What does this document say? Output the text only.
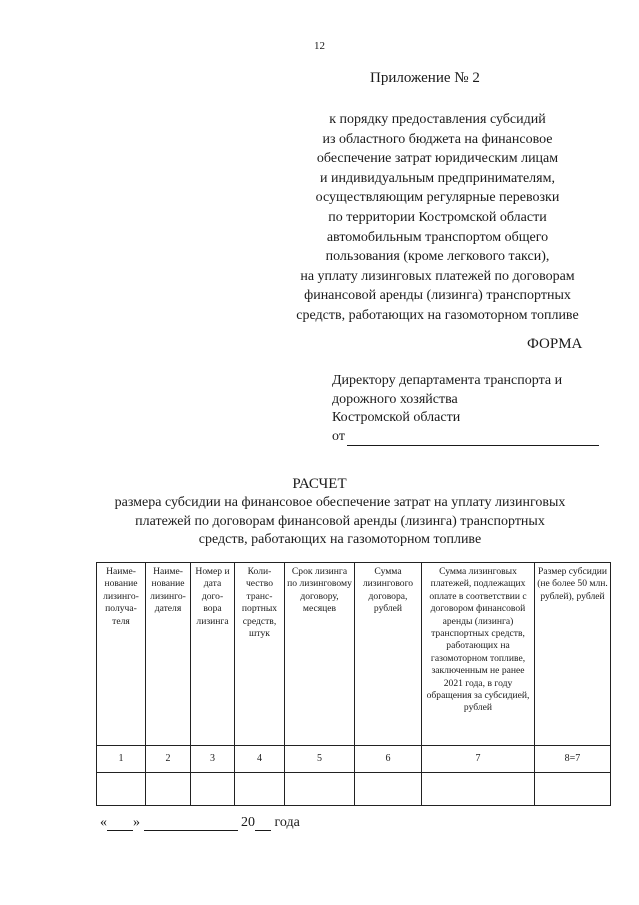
12
Приложение № 2
к порядку предоставления субсидий
из областного бюджета на финансовое
обеспечение затрат юридическим лицам
и индивидуальным предпринимателям,
осуществляющим регулярные перевозки
по территории Костромской области
автомобильным транспортом общего
пользования (кроме легкового такси),
на уплату лизинговых платежей по договорам
финансовой аренды (лизинга) транспортных
средств, работающих на газомоторном топливе
ФОРМА
Директору департамента транспорта и
дорожного хозяйства
Костромской области
от
РАСЧЕТ
размера субсидии на финансовое обеспечение затрат на уплату лизинговых
платежей по договорам финансовой аренды (лизинга) транспортных
средств, работающих на газомоторном топливе
Наиме- нование лизинго- получа- теля	Наиме- нование лизинго- дателя	Номер и дата дого- вора лизинга	Коли- чество транс- портных средств, штук	Срок лизинга по лизинговому договору, месяцев	Сумма лизингового договора, рублей	Сумма лизинговых платежей, подлежащих оплате в соответствии с договором финансовой аренды (лизинга) транспортных средств, работающих на газомоторном топливе, заключенным не ранее 2021 года, в году обращения за субсидией, рублей	Размер субсидии (не более 50 млн. рублей), рублей
1	2	3	4	5	6	7	8=7

« »	20 года
